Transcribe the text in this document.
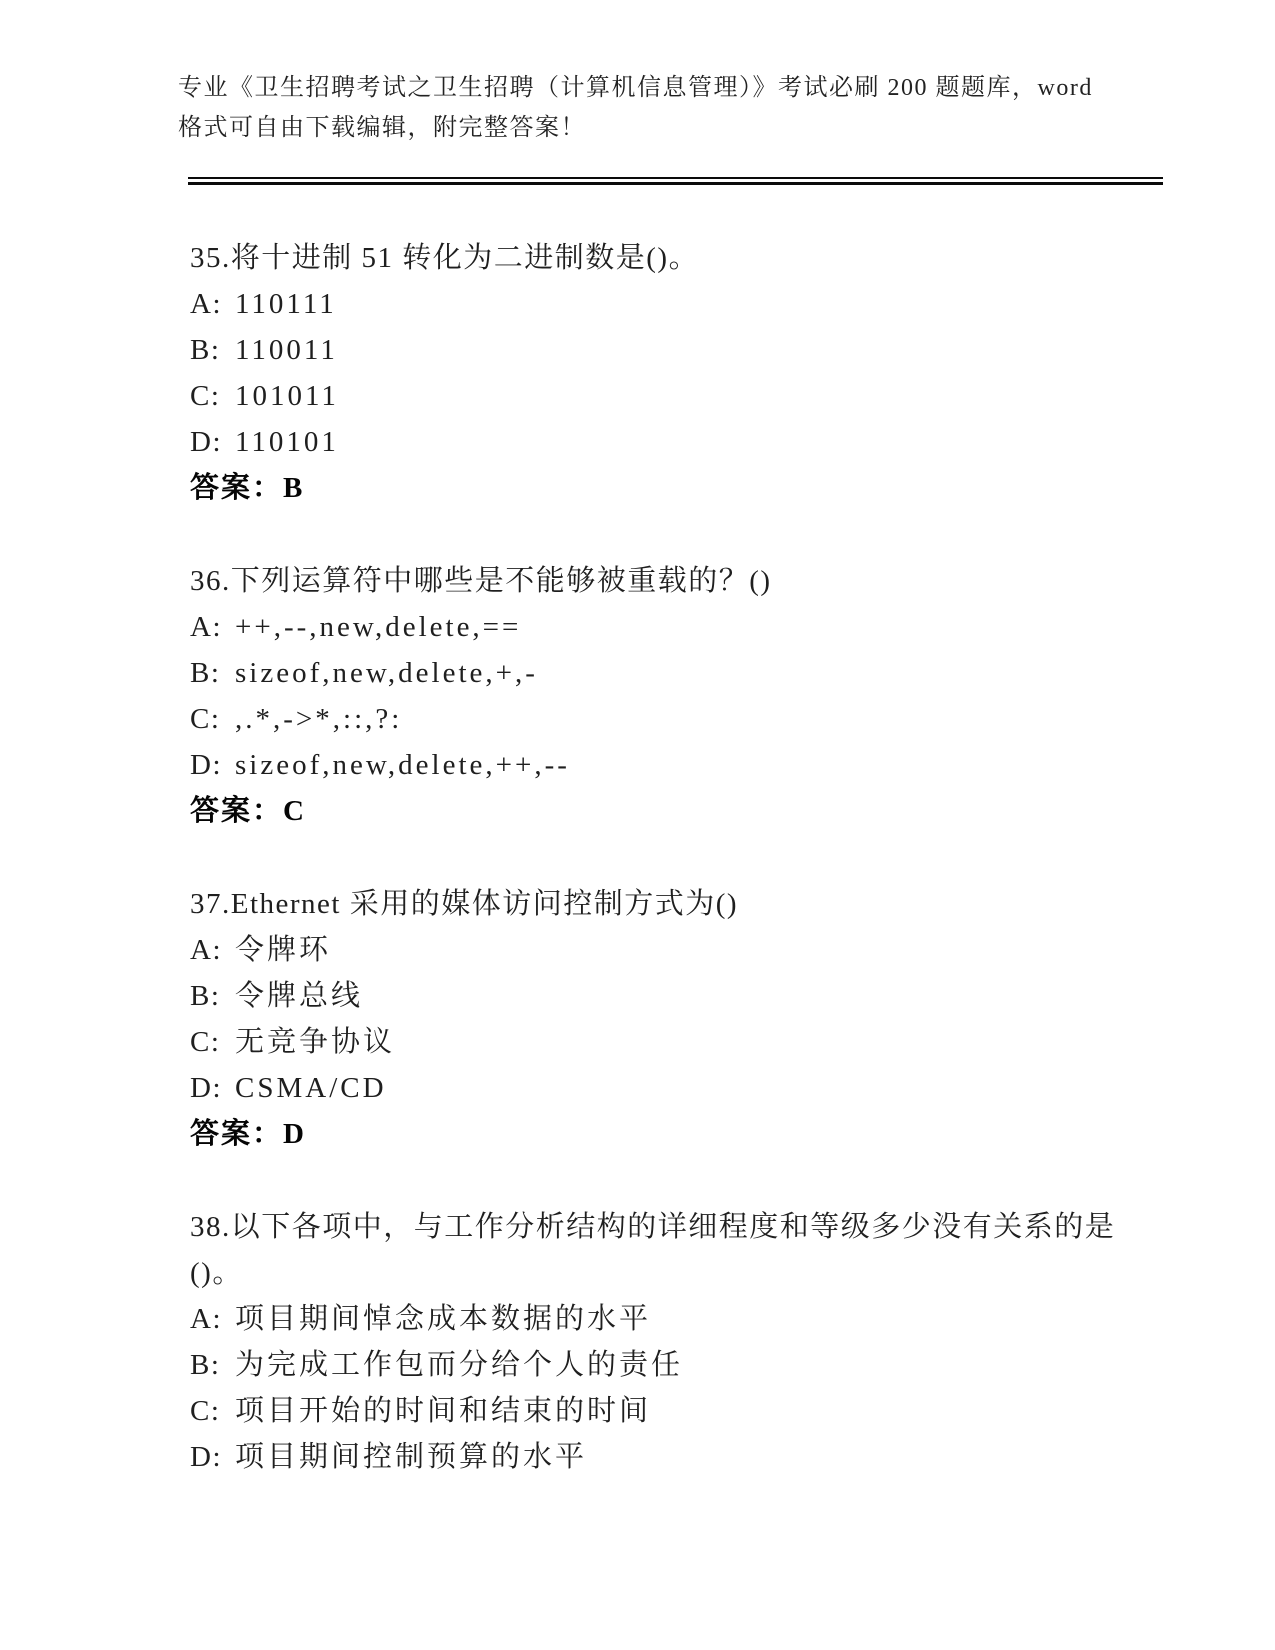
专业《卫生招聘考试之卫生招聘（计算机信息管理）》考试必刷 200 题题库，word
格式可自由下载编辑，附完整答案！
35.将十进制 51 转化为二进制数是()。
A: 110111
B: 110011
C: 101011
D: 110101
答案：B
36.下列运算符中哪些是不能够被重载的？()
A: ++,--,new,delete,==
B: sizeof,new,delete,+,-
C: ,.*,->*,::,?:
D: sizeof,new,delete,++,--
答案：C
37.Ethernet 采用的媒体访问控制方式为()
A: 令牌环
B: 令牌总线
C: 无竞争协议
D: CSMA/CD
答案：D
38.以下各项中，与工作分析结构的详细程度和等级多少没有关系的是
()。
A: 项目期间悼念成本数据的水平
B: 为完成工作包而分给个人的责任
C: 项目开始的时间和结束的时间
D: 项目期间控制预算的水平
